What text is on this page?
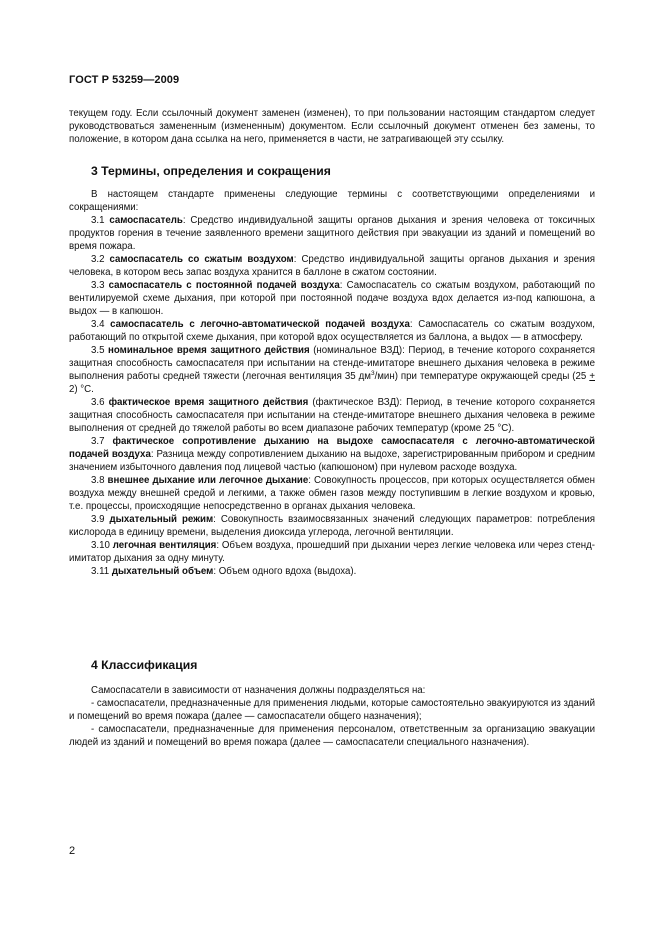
ГОСТ Р 53259—2009

текущем году. Если ссылочный документ заменен (изменен), то при пользовании настоящим стандартом следует руководствоваться замененным (измененным) документом. Если ссылочный документ отменен без замены, то положение, в котором дана ссылка на него, применяется в части, не затрагивающей эту ссылку.

3 Термины, определения и сокращения

В настоящем стандарте применены следующие термины с соответствующими определениями и сокращениями:

3.1 самоспасатель: Средство индивидуальной защиты органов дыхания и зрения человека от токсичных продуктов горения в течение заявленного времени защитного действия при эвакуации из зданий и помещений во время пожара.

3.2 самоспасатель со сжатым воздухом: Средство индивидуальной защиты органов дыхания и зрения человека, в котором весь запас воздуха хранится в баллоне в сжатом состоянии.

3.3 самоспасатель с постоянной подачей воздуха: Самоспасатель со сжатым воздухом, работающий по вентилируемой схеме дыхания, при которой при постоянной подаче воздуха вдох делается из-под капюшона, а выдох — в капюшон.

3.4 самоспасатель с легочно-автоматической подачей воздуха: Самоспасатель со сжатым воздухом, работающий по открытой схеме дыхания, при которой вдох осуществляется из баллона, а выдох — в атмосферу.

3.5 номинальное время защитного действия (номинальное ВЗД): Период, в течение которого сохраняется защитная способность самоспасателя при испытании на стенде-имитаторе внешнего дыхания человека в режиме выполнения работы средней тяжести (легочная вентиляция 35 $дм^3/мин$) при температуре окружающей среды (25 + 2) °С.

3.6 фактическое время защитного действия (фактическое ВЗД): Период, в течение которого сохраняется защитная способность самоспасателя при испытании на стенде-имитаторе внешнего дыхания человека в режиме выполнения от средней до тяжелой работы во всем диапазоне рабочих температур (кроме 25 °С).

3.7 фактическое сопротивление дыханию на выдохе самоспасателя с легочно-автоматической подачей воздуха: Разница между сопротивлением дыханию на выдохе, зарегистрированным прибором и средним значением избыточного давления под лицевой частью (капюшоном) при нулевом расходе воздуха.

3.8 внешнее дыхание или легочное дыхание: Совокупность процессов, при которых осуществляется обмен воздуха между внешней средой и легкими, а также обмен газов между поступившим в легкие воздухом и кровью, т.е. процессы, происходящие непосредственно в органах дыхания человека.

3.9 дыхательный режим: Совокупность взаимосвязанных значений следующих параметров: потребления кислорода в единицу времени, выделения диоксида углерода, легочной вентиляции.

3.10 легочная вентиляция: Объем воздуха, прошедший при дыхании через легкие человека или через стенд-имитатор дыхания за одну минуту.

3.11 дыхательный объем: Объем одного вдоха (выдоха).

4 Классификация

Самоспасатели в зависимости от назначения должны подразделяться на:

- самоспасатели, предназначенные для применения людьми, которые самостоятельно эвакуируются из зданий и помещений во время пожара (далее — самоспасатели общего назначения);

- самоспасатели, предназначенные для применения персоналом, ответственным за организацию эвакуации людей из зданий и помещений во время пожара (далее — самоспасатели специального назначения).

2
